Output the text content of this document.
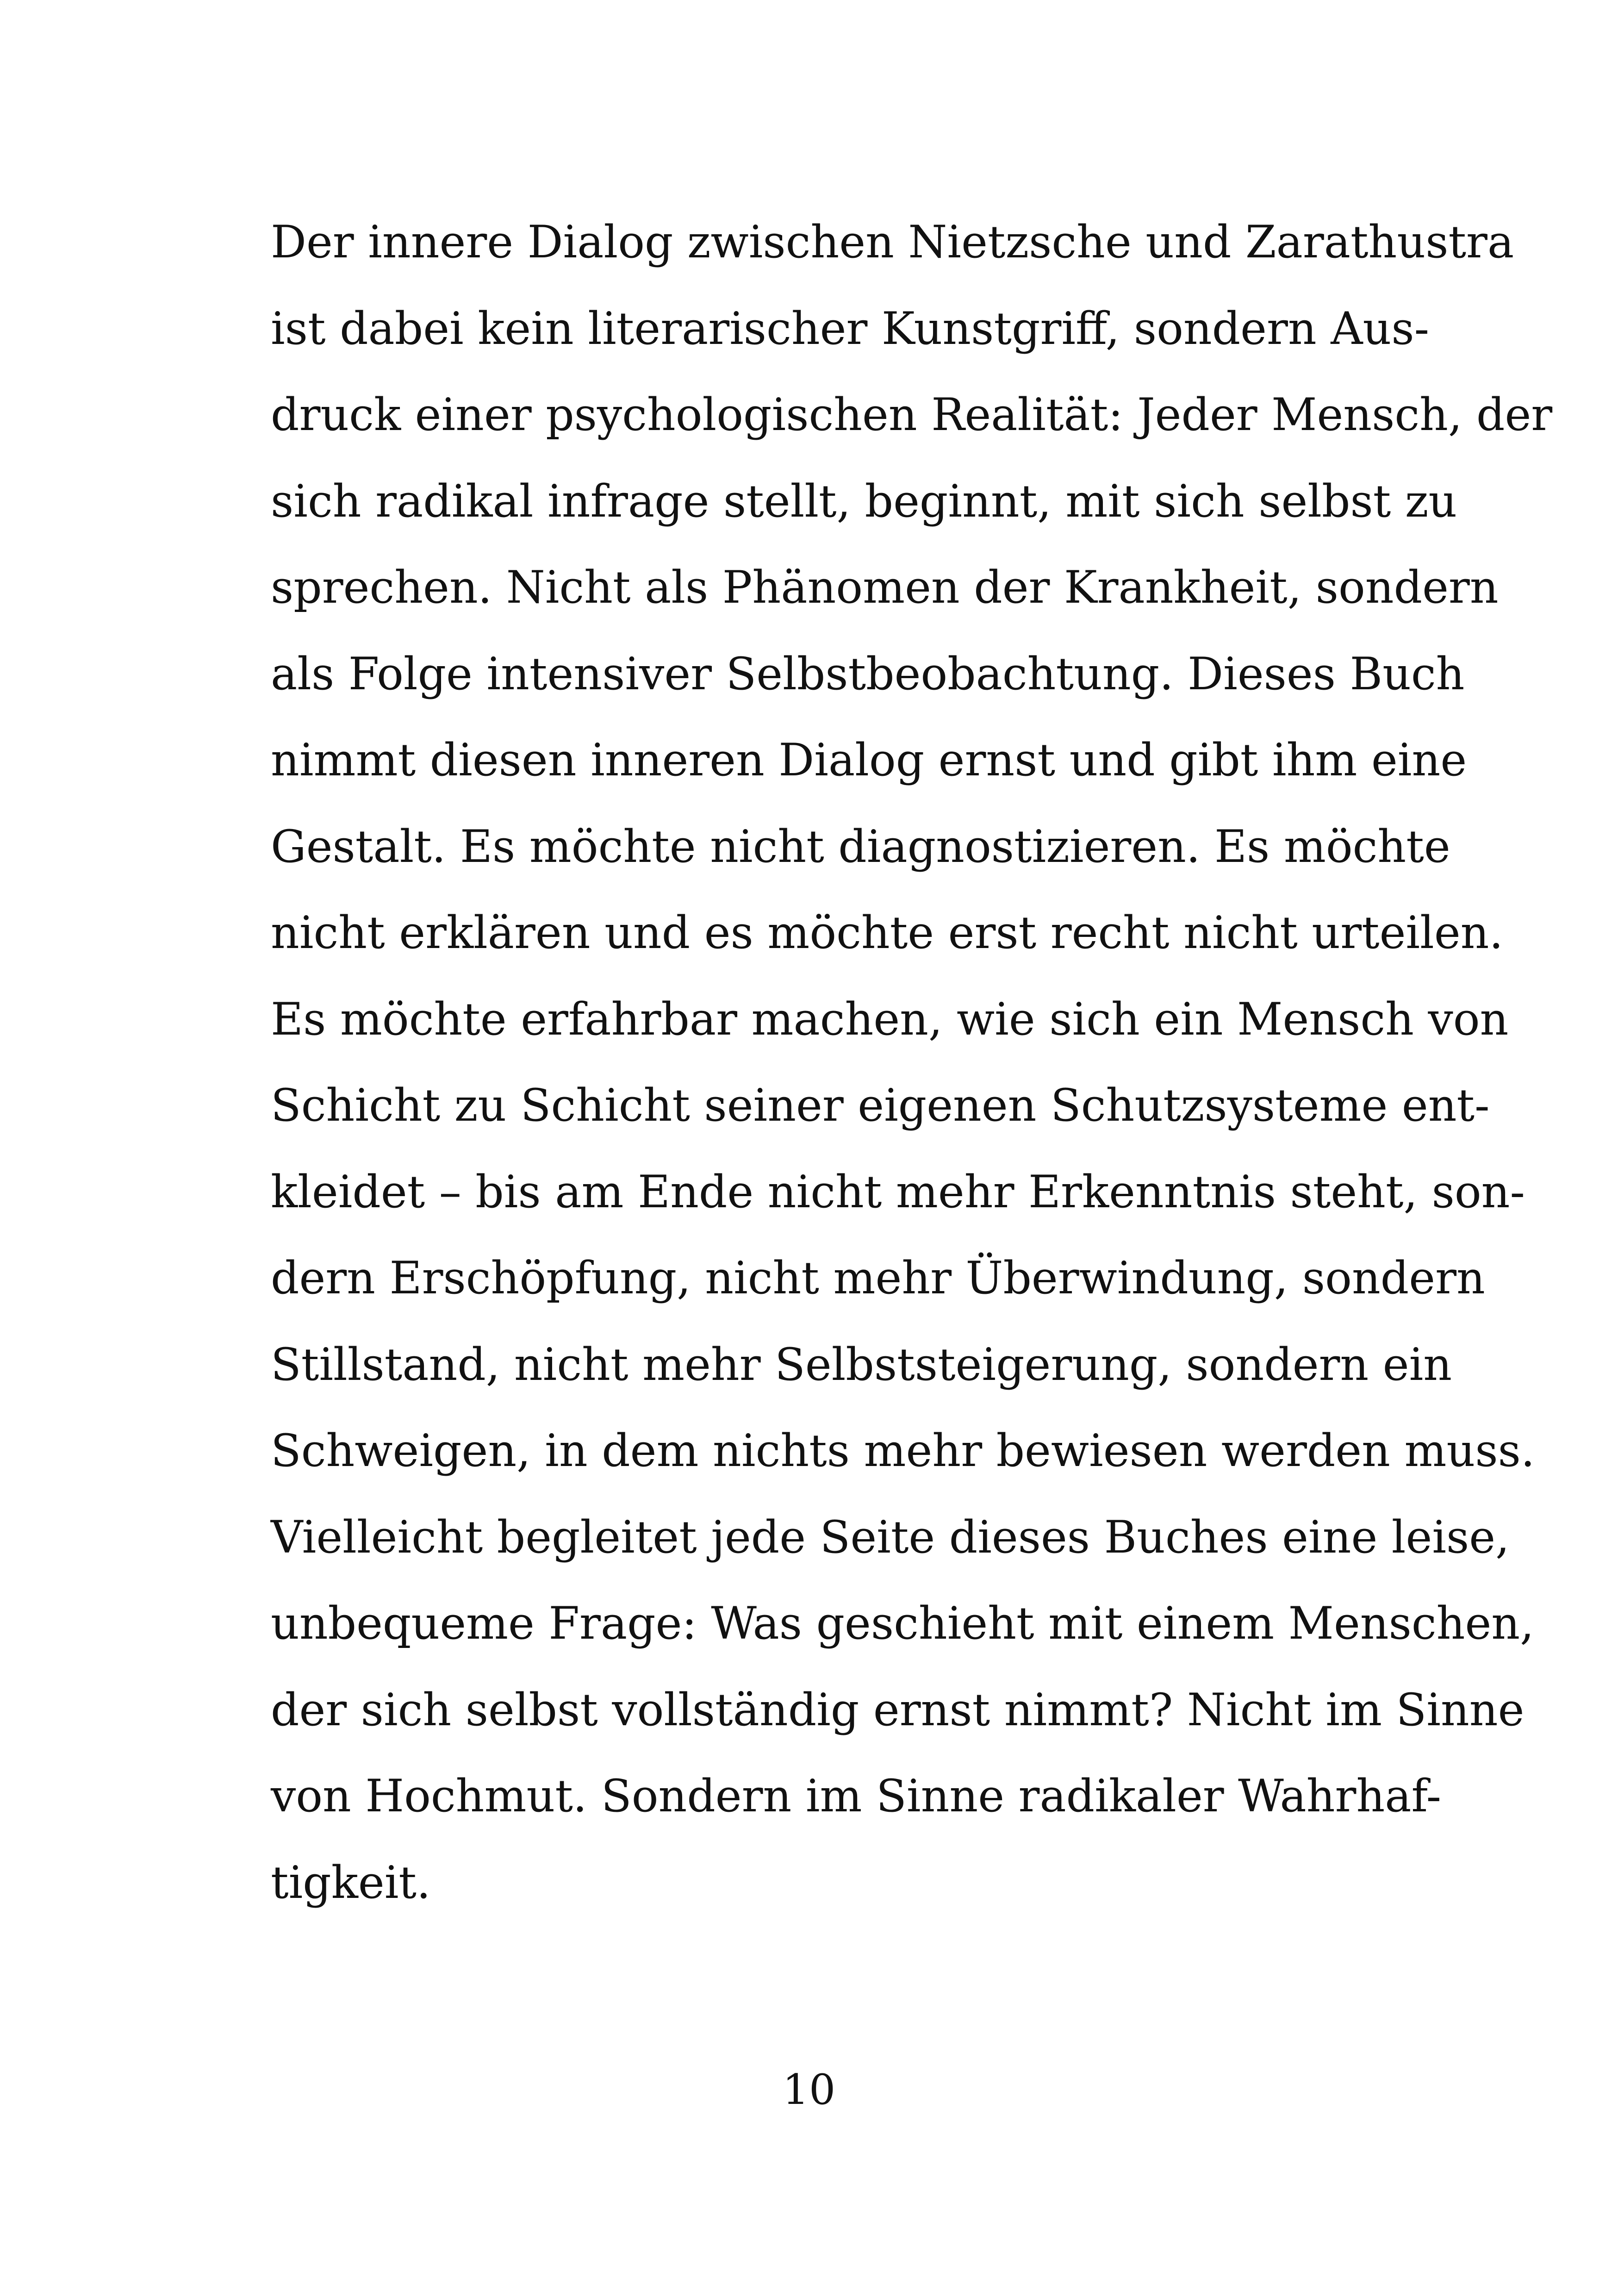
Der innere Dialog zwischen Nietzsche und Zarathustra
ist dabei kein literarischer Kunstgriff, sondern Aus-
druck einer psychologischen Realität: Jeder Mensch, der
sich radikal infrage stellt, beginnt, mit sich selbst zu
sprechen. Nicht als Phänomen der Krankheit, sondern
als Folge intensiver Selbstbeobachtung. Dieses Buch
nimmt diesen inneren Dialog ernst und gibt ihm eine
Gestalt. Es möchte nicht diagnostizieren. Es möchte
nicht erklären und es möchte erst recht nicht urteilen.
Es möchte erfahrbar machen, wie sich ein Mensch von
Schicht zu Schicht seiner eigenen Schutzsysteme ent-
kleidet – bis am Ende nicht mehr Erkenntnis steht, son-
dern Erschöpfung, nicht mehr Überwindung, sondern
Stillstand, nicht mehr Selbststeigerung, sondern ein
Schweigen, in dem nichts mehr bewiesen werden muss.
Vielleicht begleitet jede Seite dieses Buches eine leise,
unbequeme Frage: Was geschieht mit einem Menschen,
der sich selbst vollständig ernst nimmt? Nicht im Sinne
von Hochmut. Sondern im Sinne radikaler Wahrhaf-
tigkeit.
10
